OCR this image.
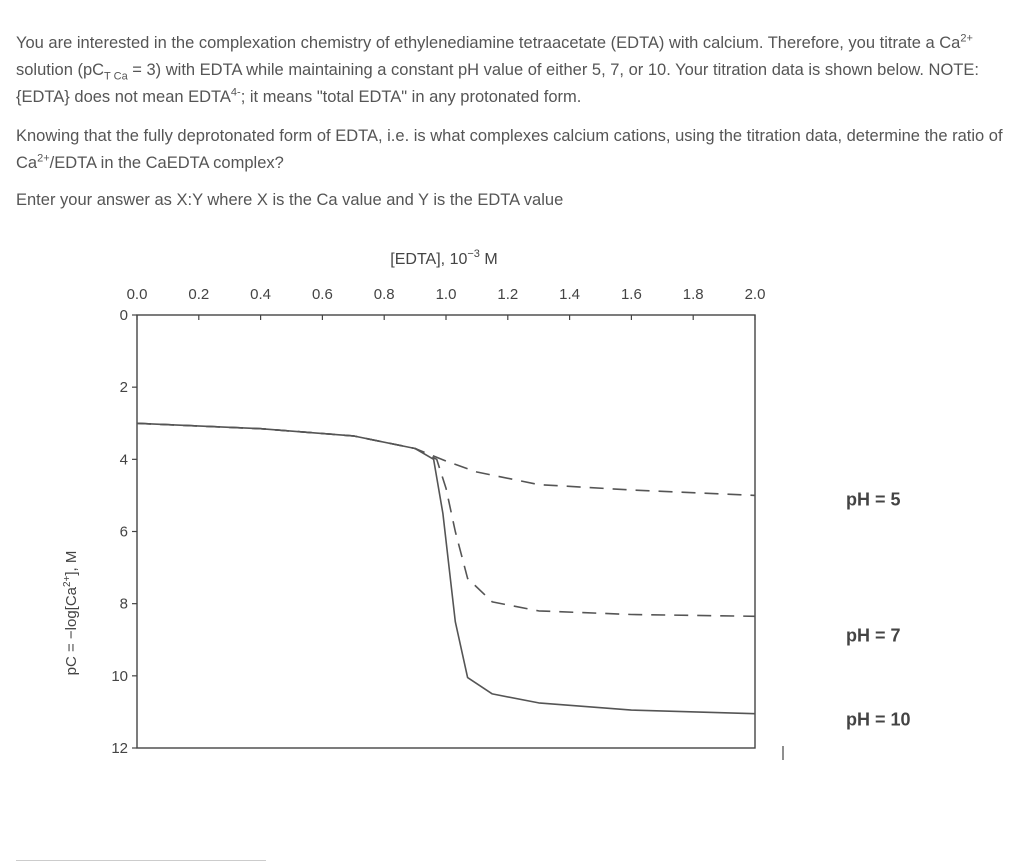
You are interested in the complexation chemistry of ethylenediamine tetraacetate (EDTA) with calcium. Therefore, you titrate a $Ca^{2+}$ solution $(pC_{T Ca} = 3)$ with EDTA while maintaining a constant pH value of either 5, 7, or 10. Your titration data is shown below. NOTE: {EDTA} does not mean $EDTA^{4-}$; it means "total EDTA" in any protonated form.

Knowing that the fully deprotonated form of EDTA, i.e. is what complexes calcium cations, using the titration data, determine the ratio of $Ca^{2+}$/EDTA in the CaEDTA complex?

Enter your answer as X:Y where X is the Ca value and Y is the EDTA value

0.0	0.2	0.4	0.6	0.8	1.0	1.2	1.4	1.6	1.8	2.0
0
2
4
6
8
10
12
pH = 5
pH = 7
pH = 10
[EDTA], $10^{-3}$ M
pC = $-\log[Ca^{2+}]$, M
